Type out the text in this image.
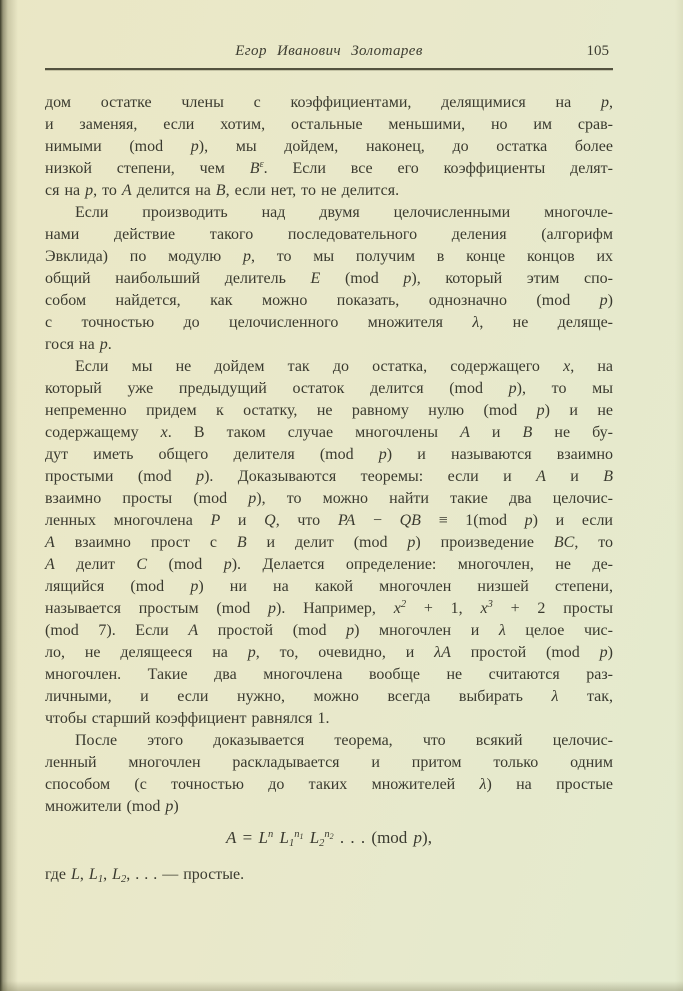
Егор Иванович Золотарев	105
дом остатке члены с коэффициентами, делящимися на p,
и заменяя, если хотим, остальные меньшими, но им срав-
нимыми (mod p), мы дойдем, наконец, до остатка более
низкой степени, чем $B^\varepsilon$. Если все его коэффициенты делят-
ся на p, то A делится на B, если нет, то не делится.
Если производить над двумя целочисленными многочле-
нами действие такого последовательного деления (алгорифм
Эвклида) по модулю p, то мы получим в конце концов их
общий наибольший делитель E (mod p), который этим спо-
собом найдется, как можно показать, однозначно (mod p)
с точностью до целочисленного множителя λ, не деляще-
гося на p.
Если мы не дойдем так до остатка, содержащего x, на
который уже предыдущий остаток делится (mod p), то мы
непременно придем к остатку, не равному нулю (mod p) и не
содержащему x. В таком случае многочлены A и B не бу-
дут иметь общего делителя (mod p) и называются взаимно
простыми (mod p). Доказываются теоремы: если и A и B
взаимно просты (mod p), то можно найти такие два целочис-
ленных многочлена P и Q, что PA − QB ≡ 1(mod p) и если
A взаимно прост с B и делит (mod p) произведение BC, то
A делит C (mod p). Делается определение: многочлен, не де-
лящийся (mod p) ни на какой многочлен низшей степени,
называется простым (mod p). Например, $x^2 + 1$, $x^3 + 2$ просты
(mod 7). Если A простой (mod p) многочлен и λ целое чис-
ло, не делящееся на p, то, очевидно, и λA простой (mod p)
многочлен. Такие два многочлена вообще не считаются раз-
личными, и если нужно, можно всегда выбирать λ так,
чтобы старший коэффициент равнялся 1.
После этого доказывается теорема, что всякий целочис-
ленный многочлен раскладывается и притом только одним
способом (с точностью до таких множителей λ) на простые
множители (mod p)
$A = L^n$ $L_1^{n1}$ $L_2^{n2}$ . . . (mod p),
где L, $L_1$, $L_2$, . . . — простые.
